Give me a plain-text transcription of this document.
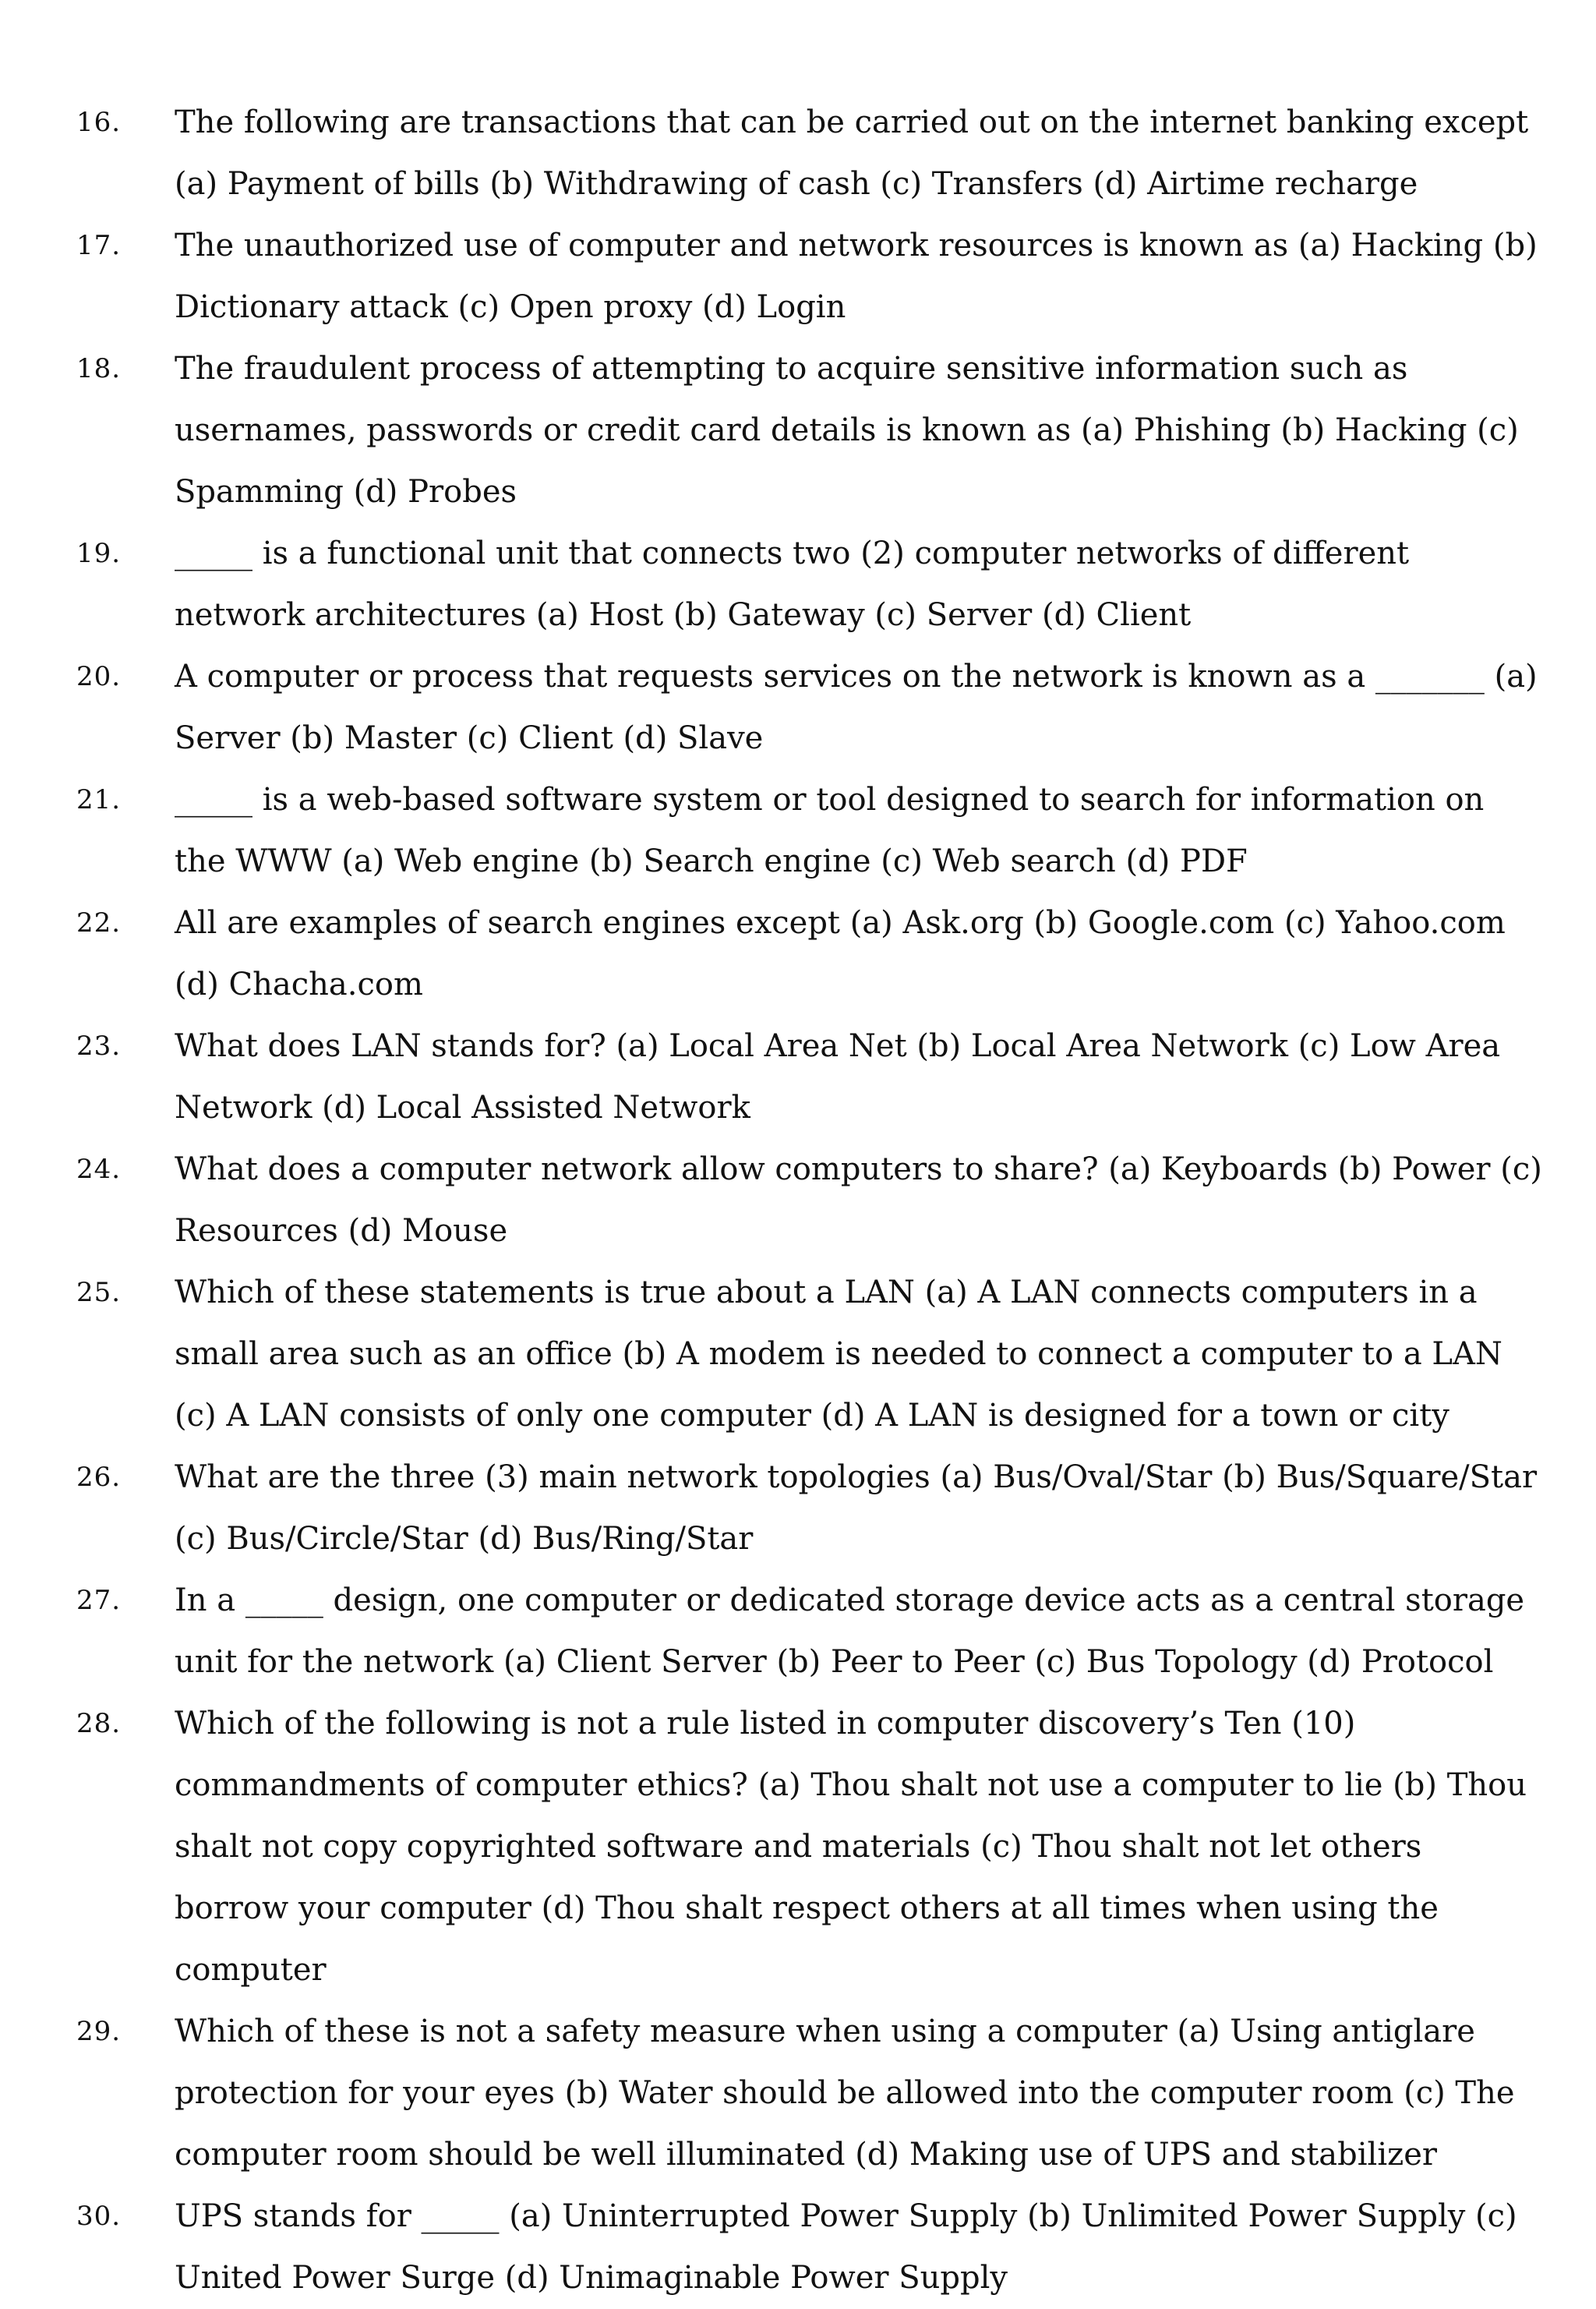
16. The following are transactions that can be carried out on the internet banking except (a) Payment of bills (b) Withdrawing of cash (c) Transfers (d) Airtime recharge
17. The unauthorized use of computer and network resources is known as (a) Hacking (b) Dictionary attack (c) Open proxy (d) Login
18. The fraudulent process of attempting to acquire sensitive information such as usernames, passwords or credit card details is known as (a) Phishing (b) Hacking (c) Spamming (d) Probes
19. _____ is a functional unit that connects two (2) computer networks of different network architectures (a) Host (b) Gateway (c) Server (d) Client
20. A computer or process that requests services on the network is known as a _______ (a) Server (b) Master (c) Client (d) Slave
21. _____ is a web-based software system or tool designed to search for information on the WWW (a) Web engine (b) Search engine (c) Web search (d) PDF
22. All are examples of search engines except (a) Ask.org (b) Google.com (c) Yahoo.com (d) Chacha.com
23. What does LAN stands for? (a) Local Area Net (b) Local Area Network (c) Low Area Network (d) Local Assisted Network
24. What does a computer network allow computers to share? (a) Keyboards (b) Power (c) Resources (d) Mouse
25. Which of these statements is true about a LAN (a) A LAN connects computers in a small area such as an office (b) A modem is needed to connect a computer to a LAN (c) A LAN consists of only one computer (d) A LAN is designed for a town or city
26. What are the three (3) main network topologies (a) Bus/Oval/Star (b) Bus/Square/Star (c) Bus/Circle/Star (d) Bus/Ring/Star
27. In a _____ design, one computer or dedicated storage device acts as a central storage unit for the network (a) Client Server (b) Peer to Peer (c) Bus Topology (d) Protocol
28. Which of the following is not a rule listed in computer discovery’s Ten (10) commandments of computer ethics? (a) Thou shalt not use a computer to lie (b) Thou shalt not copy copyrighted software and materials (c) Thou shalt not let others borrow your computer (d) Thou shalt respect others at all times when using the computer
29. Which of these is not a safety measure when using a computer (a) Using antiglare protection for your eyes (b) Water should be allowed into the computer room (c) The computer room should be well illuminated (d) Making use of UPS and stabilizer
30. UPS stands for _____ (a) Uninterrupted Power Supply (b) Unlimited Power Supply (c) United Power Surge (d) Unimaginable Power Supply
